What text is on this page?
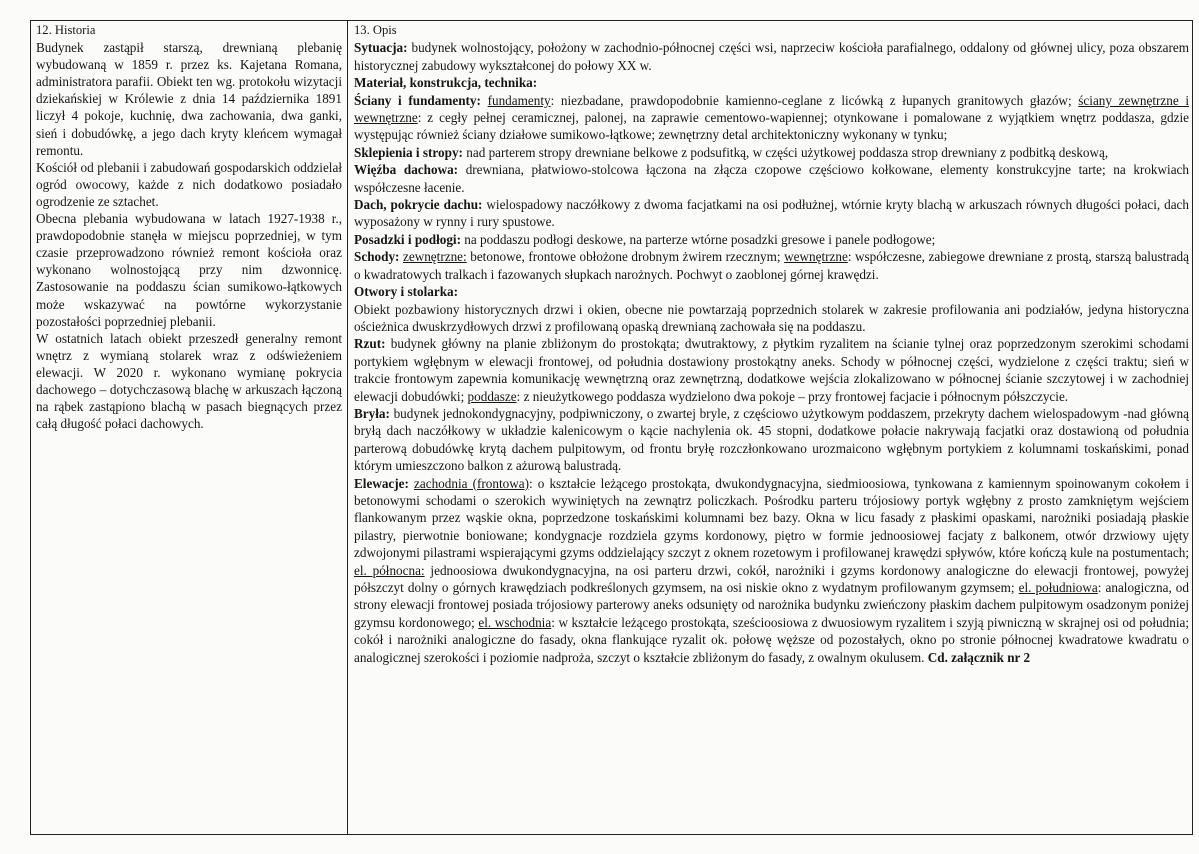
12. Historia

Budynek zastąpił starszą, drewnianą plebanię wybudowaną w 1859 r. przez ks. Kajetana Romana, administratora parafii. Obiekt ten wg. protokołu wizytacji dziekańskiej w Królewie z dnia 14 października 1891 liczył 4 pokoje, kuchnię, dwa zachowania, dwa ganki, sień i dobudówkę, a jego dach kryty kleńcem wymagał remontu.

Kościół od plebanii i zabudowań gospodarskich oddzielał ogród owocowy, każde z nich dodatkowo posiadało ogrodzenie ze sztachet.

Obecna plebania wybudowana w latach 1927-1938 r., prawdopodobnie stanęła w miejscu poprzedniej, w tym czasie przeprowadzono również remont kościoła oraz wykonano wolnostojącą przy nim dzwonnicę. Zastosowanie na poddaszu ścian sumikowo-łątkowych może wskazywać na powtórne wykorzystanie pozostałości poprzedniej plebanii.

W ostatnich latach obiekt przeszedł generalny remont wnętrz z wymianą stolarek wraz z odświeżeniem elewacji. W 2020 r. wykonano wymianę pokrycia dachowego – dotychczasową blachę w arkuszach łączoną na rąbek zastąpiono blachą w pasach biegnących przez całą długość połaci dachowych.

13. Opis

Sytuacja: budynek wolnostojący, położony w zachodnio-północnej części wsi, naprzeciw kościoła parafialnego, oddalony od głównej ulicy, poza obszarem historycznej zabudowy wykształconej do połowy XX w.

Materiał, konstrukcja, technika:

Ściany i fundamenty: fundamenty: niezbadane, prawdopodobnie kamienno-ceglane z licówką z łupanych granitowych głazów; ściany zewnętrzne i wewnętrzne: z cegły pełnej ceramicznej, palonej, na zaprawie cementowo-wapiennej; otynkowane i pomalowane z wyjątkiem wnętrz poddasza, gdzie występując również ściany działowe sumikowo-łątkowe; zewnętrzny detal architektoniczny wykonany w tynku;

Sklepienia i stropy: nad parterem stropy drewniane belkowe z podsufitką, w części użytkowej poddasza strop drewniany z podbitką deskową,

Więźba dachowa: drewniana, płatwiowo-stolcowa łączona na złącza czopowe częściowo kołkowane, elementy konstrukcyjne tarte; na krokwiach współczesne łacenie.

Dach, pokrycie dachu: wielospadowy naczółkowy z dwoma facjatkami na osi podłużnej, wtórnie kryty blachą w arkuszach równych długości połaci, dach wyposażony w rynny i rury spustowe.

Posadzki i podłogi: na poddaszu podłogi deskowe, na parterze wtórne posadzki gresowe i panele podłogowe;

Schody: zewnętrzne: betonowe, frontowe obłożone drobnym żwirem rzecznym; wewnętrzne: współczesne, zabiegowe drewniane z prostą, starszą balustradą o kwadratowych tralkach i fazowanych słupkach narożnych. Pochwyt o zaoblonej górnej krawędzi.

Otwory i stolarka:

Obiekt pozbawiony historycznych drzwi i okien, obecne nie powtarzają poprzednich stolarek w zakresie profilowania ani podziałów, jedyna historyczna ościeżnica dwuskrzydłowych drzwi z profilowaną opaską drewnianą zachowała się na poddaszu.

Rzut: budynek główny na planie zbliżonym do prostokąta; dwutraktowy, z płytkim ryzalitem na ścianie tylnej oraz poprzedzonym szerokimi schodami portykiem wgłębnym w elewacji frontowej, od południa dostawiony prostokątny aneks. Schody w północnej części, wydzielone z części traktu; sień w trakcie frontowym zapewnia komunikację wewnętrzną oraz zewnętrzną, dodatkowe wejścia zlokalizowano w północnej ścianie szczytowej i w zachodniej elewacji dobudówki; poddasze: z nieużytkowego poddasza wydzielono dwa pokoje – przy frontowej facjacie i północnym półszczycie.

Bryła: budynek jednokondygnacyjny, podpiwniczony, o zwartej bryle, z częściowo użytkowym poddaszem, przekryty dachem wielospadowym -nad główną bryłą dach naczółkowy w układzie kalenicowym o kącie nachylenia ok. 45 stopni, dodatkowe połacie nakrywają facjatki oraz dostawioną od południa parterową dobudówkę krytą dachem pulpitowym, od frontu bryłę rozczłonkowano urozmaicono wgłębnym portykiem z kolumnami toskańskimi, ponad którym umieszczono balkon z ażurową balustradą.

Elewacje: zachodnia (frontowa): o kształcie leżącego prostokąta, dwukondygnacyjna, siedmioosiowa, tynkowana z kamiennym spoinowanym cokołem i betonowymi schodami o szerokich wywiniętych na zewnątrz policzkach. Pośrodku parteru trójosiowy portyk wgłębny z prosto zamkniętym wejściem flankowanym przez wąskie okna, poprzedzone toskańskimi kolumnami bez bazy. Okna w licu fasady z płaskimi opaskami, narożniki posiadają płaskie pilastry, pierwotnie boniowane; kondygnacje rozdziela gzyms kordonowy, piętro w formie jednoosiowej facjaty z balkonem, otwór drzwiowy ujęty zdwojonymi pilastrami wspierającymi gzyms oddzielający szczyt z oknem rozetowym i profilowanej krawędzi spływów, które kończą kule na postumentach; el. północna: jednoosiowa dwukondygnacyjna, na osi parteru drzwi, cokół, narożniki i gzyms kordonowy analogiczne do elewacji frontowej, powyżej półszczyt dolny o górnych krawędziach podkreślonych gzymsem, na osi niskie okno z wydatnym profilowanym gzymsem; el. południowa: analogiczna, od strony elewacji frontowej posiada trójosiowy parterowy aneks odsunięty od narożnika budynku zwieńczony płaskim dachem pulpitowym osadzonym poniżej gzymsu kordonowego; el. wschodnia: w kształcie leżącego prostokąta, sześcioosiowa z dwuosiowym ryzalitem i szyją piwniczną w skrajnej osi od południa; cokół i narożniki analogiczne do fasady, okna flankujące ryzalit ok. połowę węższe od pozostałych, okno po stronie północnej kwadratowe kwadratu o analogicznej szerokości i poziomie nadproża, szczyt o kształcie zbliżonym do fasady, z owalnym okulusem. Cd. załącznik nr 2
